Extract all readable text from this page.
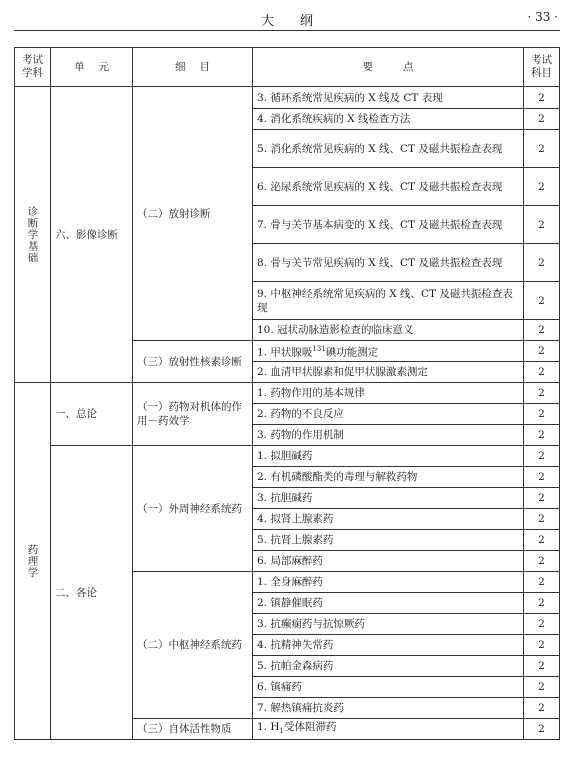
大纲	· 33 ·
考试学科	单元	细目	要点	考试科目

诊断学基础	六、影像诊断	（二）放射诊断	3. 循环系统常见疾病的 X 线及 CT 表现	2
			4. 消化系统疾病的 X 线检查方法	2
			5. 消化系统常见疾病的 X 线、CT 及磁共振检查表现	2
			6. 泌尿系统常见疾病的 X 线、CT 及磁共振检查表现	2
			7. 骨与关节基本病变的 X 线、CT 及磁共振检查表现	2
			8. 骨与关节常见疾病的 X 线、CT 及磁共振检查表现	2
			9. 中枢神经系统常见疾病的 X 线、CT 及磁共振检查表现	2
			10. 冠状动脉造影检查的临床意义	2
		（三）放射性核素诊断	1. 甲状腺吸$^{131}$碘功能测定	2
			2. 血清甲状腺素和促甲状腺激素测定	2

药理学	一、总论	（一）药物对机体的作用－药效学	1. 药物作用的基本规律	2
			2. 药物的不良反应	2
			3. 药物的作用机制	2
	二、各论	（一）外周神经系统药	1. 拟胆碱药	2
			2. 有机磷酸酯类的毒理与解救药物	2
			3. 抗胆碱药	2
			4. 拟肾上腺素药	2
			5. 抗肾上腺素药	2
			6. 局部麻醉药	2
		（二）中枢神经系统药	1. 全身麻醉药	2
			2. 镇静催眠药	2
			3. 抗癫痫药与抗惊厥药	2
			4. 抗精神失常药	2
			5. 抗帕金森病药	2
			6. 镇痛药	2
			7. 解热镇痛抗炎药	2
		（三）自体活性物质	1. $H_1$受体阻滞药	2
